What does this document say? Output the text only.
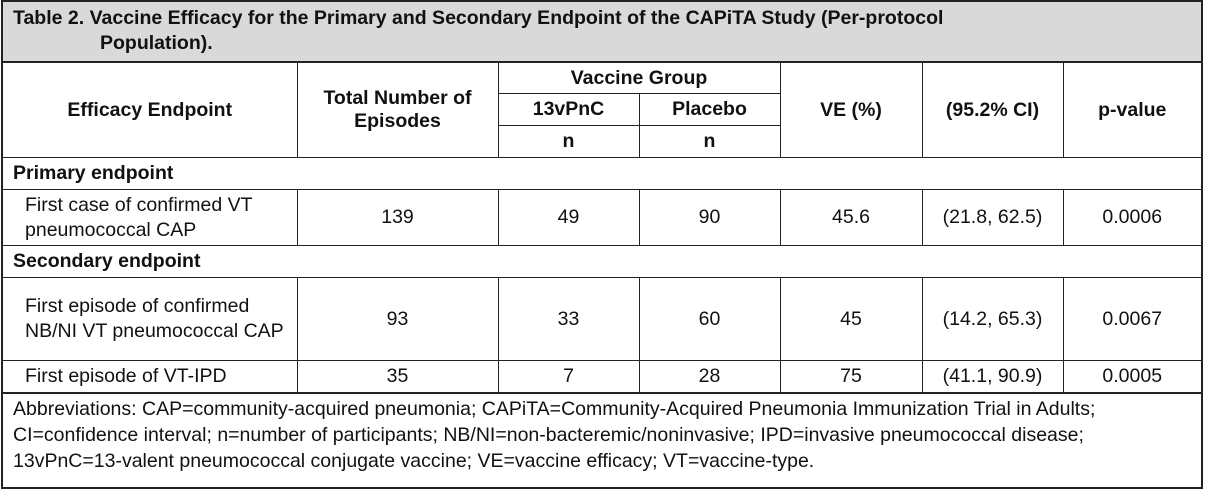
Table 2. Vaccine Efficacy for the Primary and Secondary Endpoint of the CAPiTA Study (Per-protocol
Population).
Efficacy Endpoint	Total Number of Episodes	Vaccine Group		VE (%)	(95.2% CI)	p-value
		13vPnC	Placebo			
		n	n			
Primary endpoint						
First case of confirmed VT pneumococcal CAP	139	49	90	45.6	(21.8, 62.5)	0.0006
Secondary endpoint						
First episode of confirmed NB/NI VT pneumococcal CAP	93	33	60	45	(14.2, 65.3)	0.0067
First episode of VT-IPD	35	7	28	75	(41.1, 90.9)	0.0005
Abbreviations: CAP=community-acquired pneumonia; CAPiTA=Community-Acquired Pneumonia Immunization Trial in Adults; CI=confidence interval; n=number of participants; NB/NI=non-bacteremic/noninvasive; IPD=invasive pneumococcal disease; 13vPnC=13-valent pneumococcal conjugate vaccine; VE=vaccine efficacy; VT=vaccine-type.
